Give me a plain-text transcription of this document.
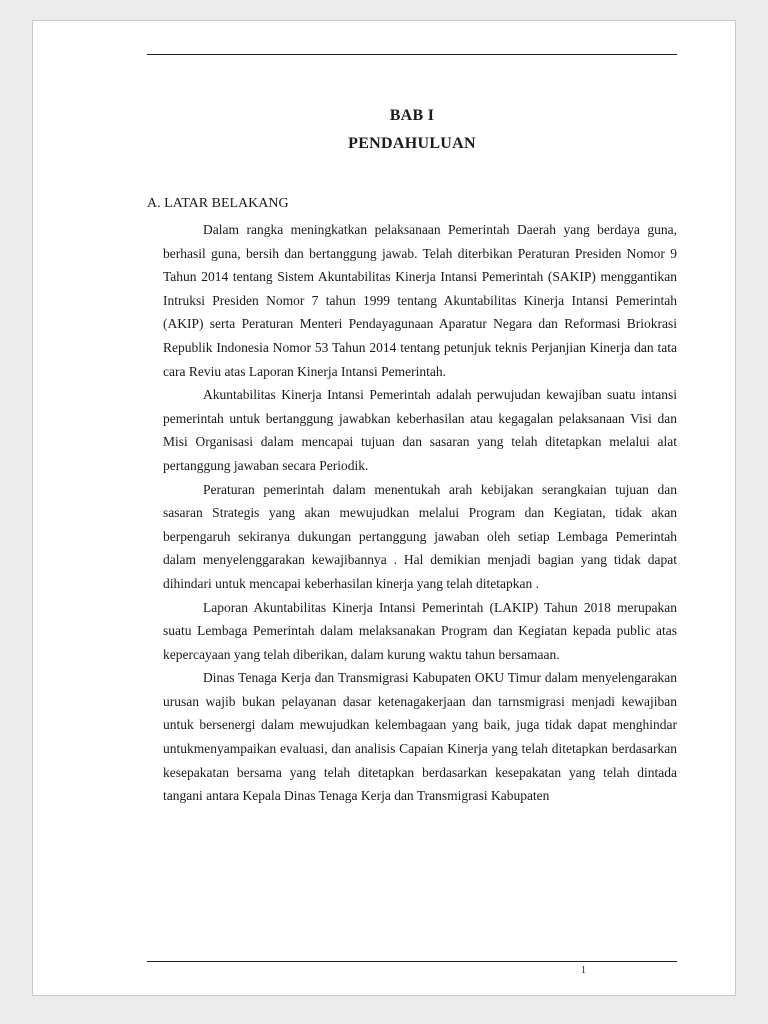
BAB I
PENDAHULUAN
A. LATAR BELAKANG

Dalam rangka meningkatkan pelaksanaan Pemerintah Daerah yang berdaya guna, berhasil guna, bersih dan bertanggung jawab. Telah diterbikan Peraturan Presiden Nomor 9 Tahun 2014 tentang Sistem Akuntabilitas Kinerja Intansi Pemerintah (SAKIP) menggantikan Intruksi Presiden Nomor 7 tahun 1999 tentang Akuntabilitas Kinerja Intansi Pemerintah (AKIP) serta Peraturan Menteri Pendayagunaan Aparatur Negara dan Reformasi Briokrasi Republik Indonesia Nomor 53 Tahun 2014 tentang petunjuk teknis Perjanjian Kinerja dan tata cara Reviu atas Laporan Kinerja Intansi Pemerintah.

Akuntabilitas Kinerja Intansi Pemerintah adalah perwujudan kewajiban suatu intansi pemerintah untuk bertanggung jawabkan keberhasilan atau kegagalan pelaksanaan Visi dan Misi Organisasi dalam mencapai tujuan dan sasaran yang telah ditetapkan melalui alat pertanggung jawaban secara Periodik.

Peraturan pemerintah dalam menentukah arah kebijakan serangkaian tujuan dan sasaran Strategis yang akan mewujudkan melalui Program dan Kegiatan, tidak akan berpengaruh sekiranya dukungan pertanggung jawaban oleh setiap Lembaga Pemerintah dalam menyelenggarakan kewajibannya . Hal demikian menjadi bagian yang tidak dapat dihindari untuk mencapai keberhasilan kinerja yang telah ditetapkan .

Laporan Akuntabilitas Kinerja Intansi Pemerintah (LAKIP) Tahun 2018 merupakan suatu Lembaga Pemerintah dalam melaksanakan Program dan Kegiatan kepada public atas kepercayaan yang telah diberikan, dalam kurung waktu tahun bersamaan.

Dinas Tenaga Kerja dan Transmigrasi Kabupaten OKU Timur dalam menyelengarakan urusan wajib bukan pelayanan dasar ketenagakerjaan dan tarnsmigrasi menjadi kewajiban untuk bersenergi dalam mewujudkan kelembagaan yang baik, juga tidak dapat menghindar untukmenyampaikan evaluasi, dan analisis Capaian Kinerja yang telah ditetapkan berdasarkan kesepakatan bersama yang telah ditetapkan berdasarkan kesepakatan yang telah dintada tangani antara Kepala Dinas Tenaga Kerja dan Transmigrasi Kabupaten

1
